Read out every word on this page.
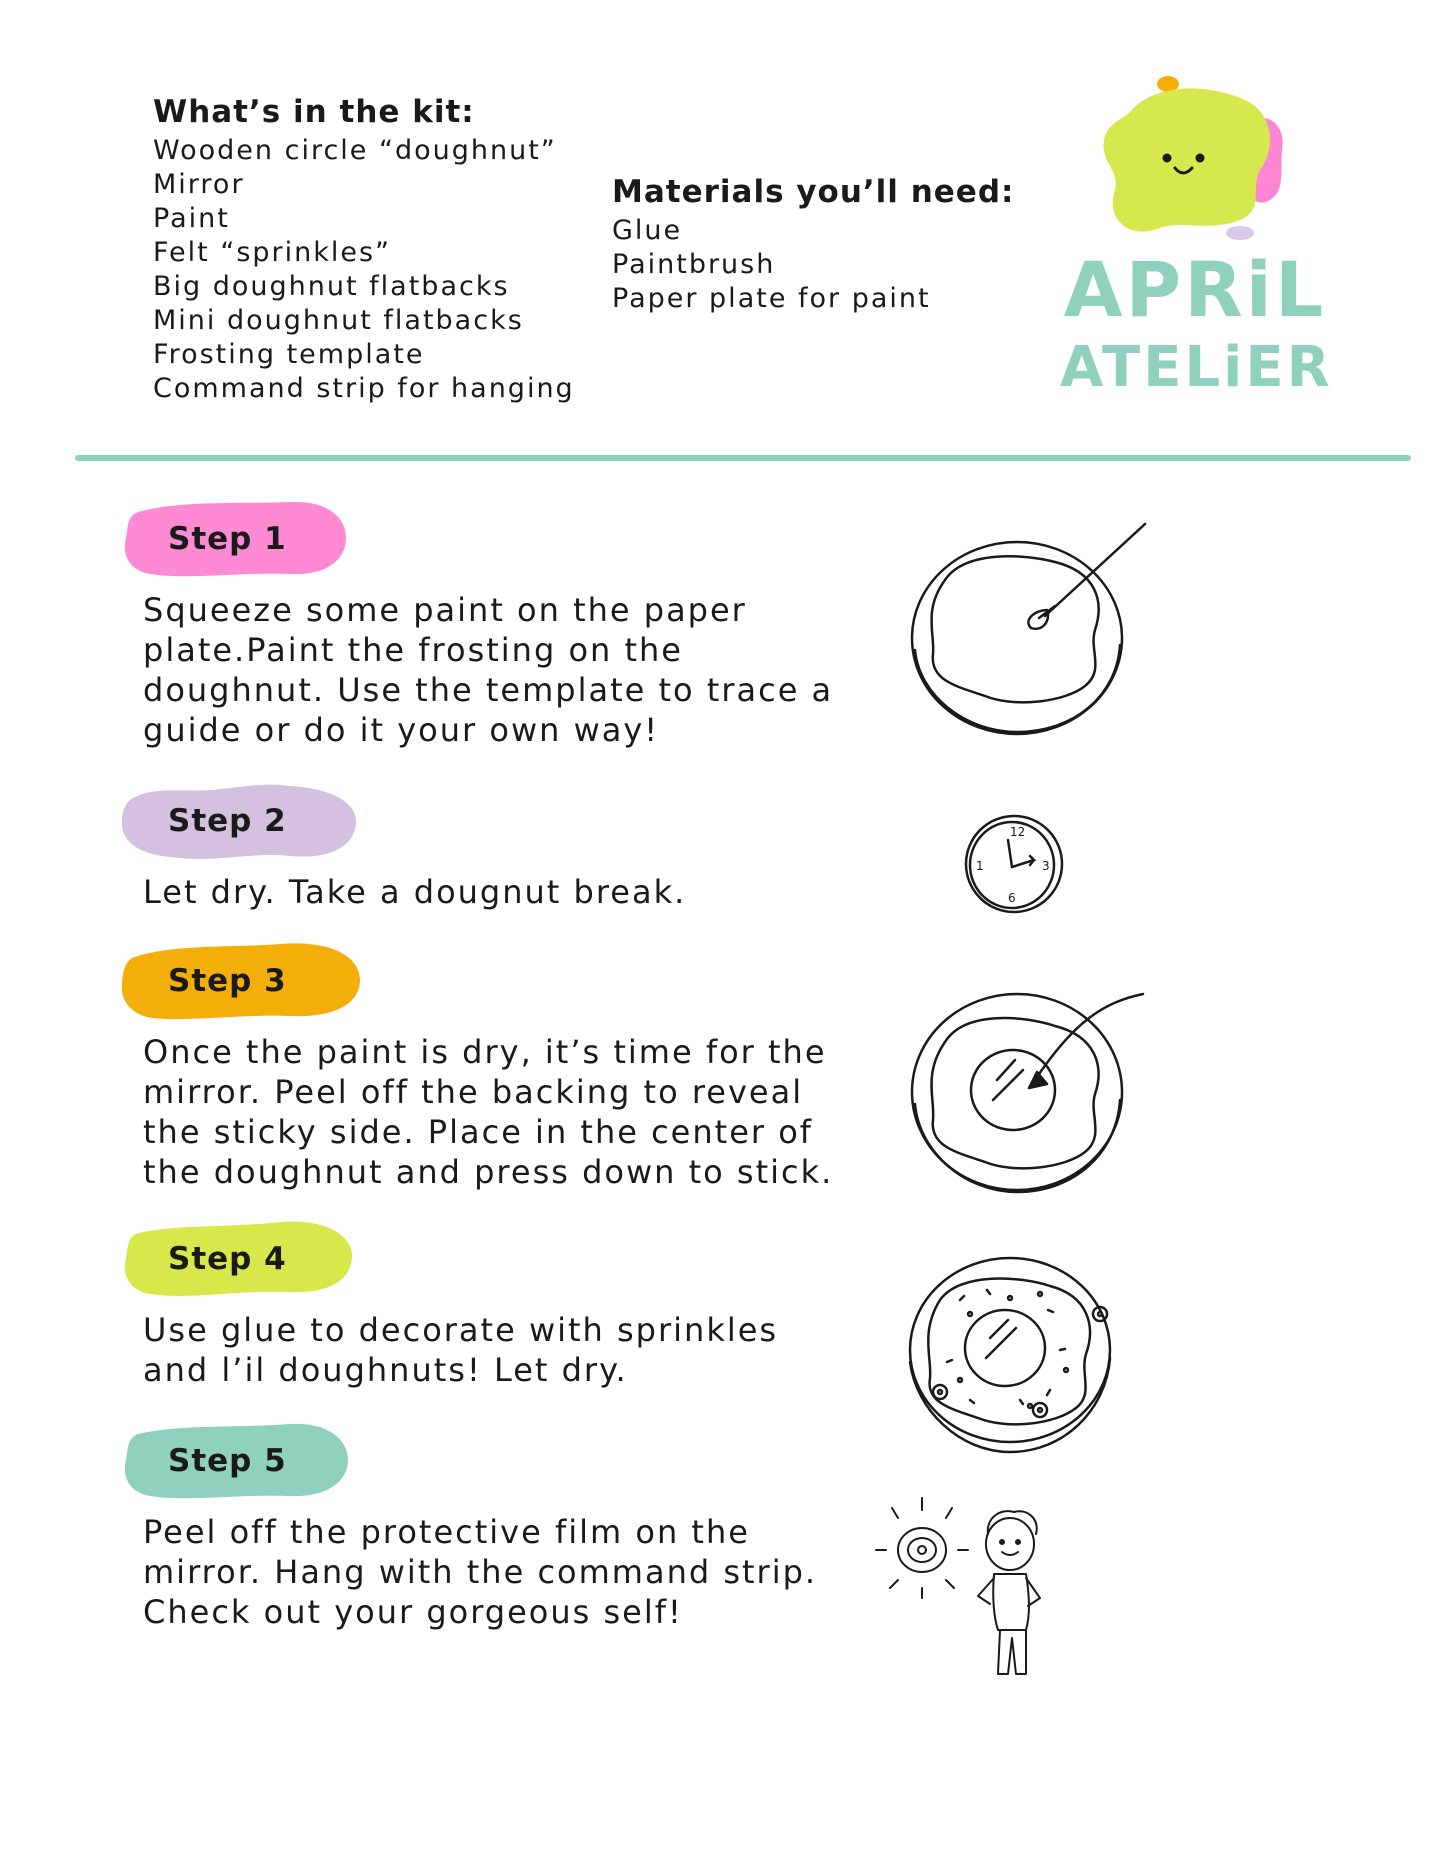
What’s in the kit:
Wooden circle “doughnut”
Mirror
Paint
Felt “sprinkles”
Big doughnut flatbacks
Mini doughnut flatbacks
Frosting template
Command strip for hanging
Materials you’ll need:
Glue
Paintbrush
Paper plate for paint	APRiL
ATELiER
Step 1
Squeeze some paint on the paper
plate.Paint the frosting on the
doughnut. Use the template to trace a
guide or do it your own way!
Step 2
Let dry. Take a dougnut break.
Step 3
Once the paint is dry, it’s time for the
mirror. Peel off the backing to reveal
the sticky side. Place in the center of
the doughnut and press down to stick.
Step 4
Use glue to decorate with sprinkles
and l’il doughnuts! Let dry.
Step 5
Peel off the protective film on the
mirror. Hang with the command strip.
Check out your gorgeous self!
12
3
6
1
